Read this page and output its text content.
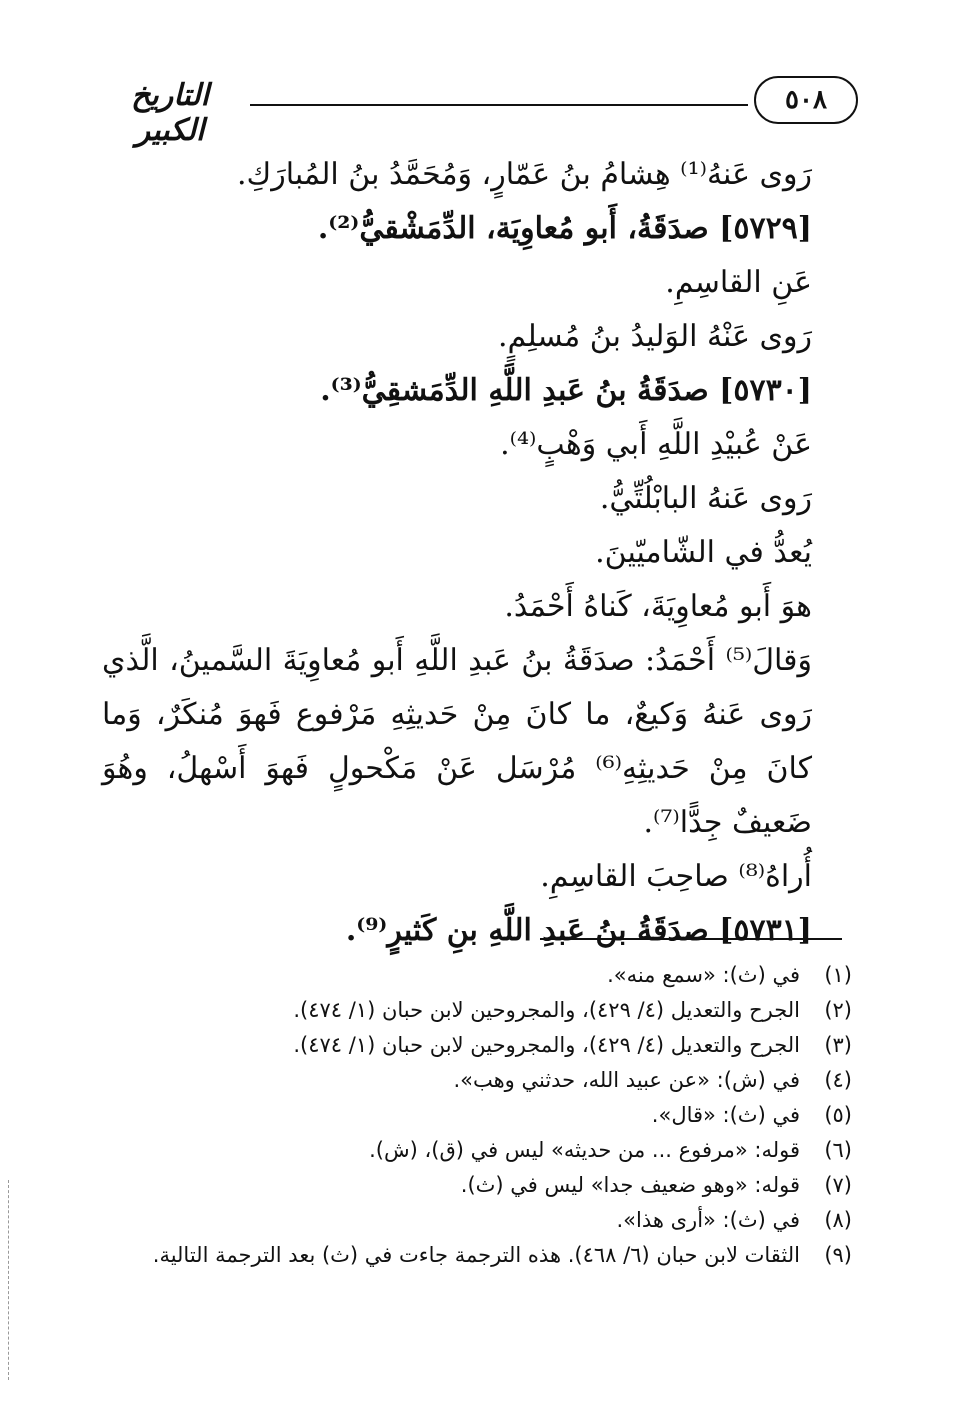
٥٠٨
التاريخ الكبير

رَوى عَنهُ⁽¹⁾ هِشامُ بنُ عَمّارٍ، وَمُحَمَّدُ بنُ المُبارَكِ.

[٥٧٢٩] صدَقَةُ، أَبو مُعاوِيَة، الدِّمَشْقيُّ⁽²⁾.

عَنِ القاسِمِ.

رَوى عَنْهُ الوَليدُ بنُ مُسلِمٍ.

[٥٧٣٠] صدَقَةُ بنُ عَبدِ اللَّهِ الدِّمَشقِيُّ⁽³⁾.

عَنْ عُبيْدِ اللَّهِ أَبي وَهْبٍ⁽⁴⁾.

رَوى عَنهُ البابْلُتِّيُّ.

يُعدُّ في الشّاميّينَ.

هوَ أَبو مُعاوِيَةَ، كَناهُ أَحْمَدُ.

وَقالَ⁽⁵⁾ أَحْمَدُ: صدَقَةُ بنُ عَبدِ اللَّهِ أَبو مُعاوِيَةَ السَّمينُ، الَّذي رَوى عَنهُ وَكيعٌ، ما كانَ مِنْ حَديثِهِ مَرْفوع فَهوَ مُنكَرٌ، وَما كانَ مِنْ حَديثِهِ⁽⁶⁾ مُرْسَل عَنْ مَكْحولٍ فَهوَ أَسْهلُ، وهُوَ ضَعيفٌ جِدًّا⁽⁷⁾.

أُراهُ⁽⁸⁾ صاحِبَ القاسِمِ.

[٥٧٣١] صدَقَةُ بنُ عَبدِ اللَّهِ بنِ كَثيرٍ⁽⁹⁾.

(١)
في (ث): «سمع منه».
(٢)
الجرح والتعديل (٤/ ٤٢٩)، والمجروحين لابن حبان (١/ ٤٧٤).
(٣)
الجرح والتعديل (٤/ ٤٢٩)، والمجروحين لابن حبان (١/ ٤٧٤).
(٤)
في (ش): «عن عبيد الله، حدثني وهب».
(٥)
في (ث): «قال».
(٦)
قوله: «مرفوع ... من حديثه» ليس في (ق)، (ش).
(٧)
قوله: «وهو ضعيف جدا» ليس في (ث).
(٨)
في (ث): «أرى هذا».
(٩)
الثقات لابن حبان (٦/ ٤٦٨). هذه الترجمة جاءت في (ث) بعد الترجمة التالية.
